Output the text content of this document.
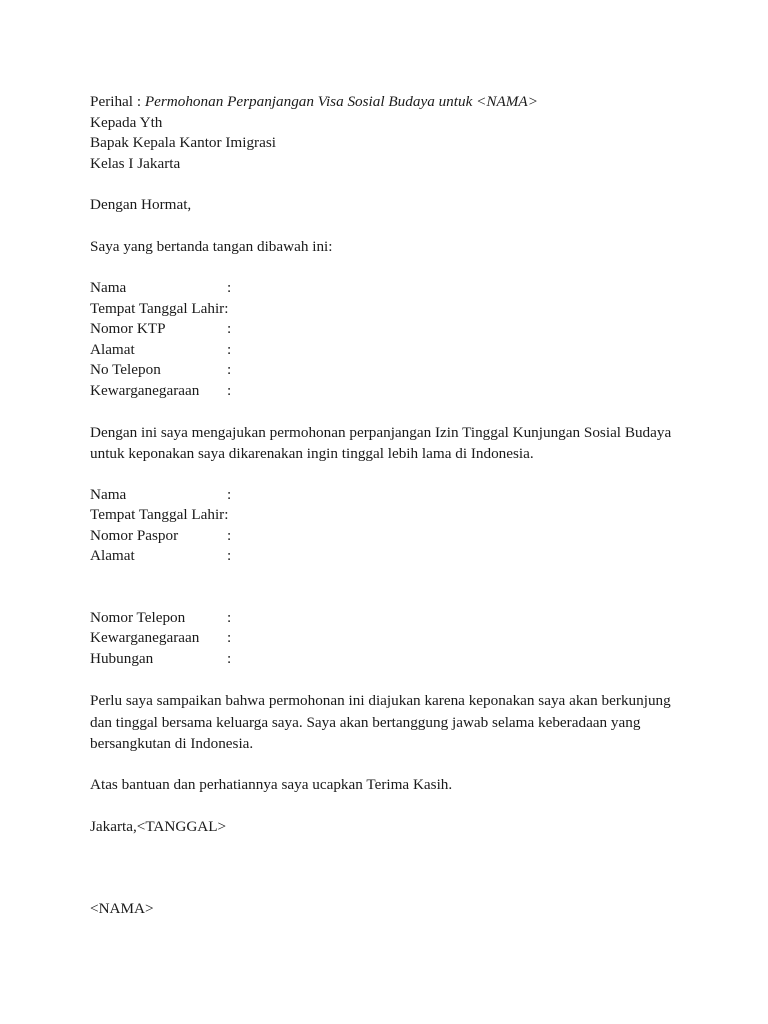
Perihal : Permohonan Perpanjangan Visa Sosial Budaya untuk <NAMA>
Kepada Yth
Bapak Kepala Kantor Imigrasi
Kelas I Jakarta
Dengan Hormat,
Saya yang bertanda tangan dibawah ini:
Nama	:
Tempat Tanggal Lahir :
Nomor KTP	:
Alamat	:
No Telepon	:
Kewarganegaraan	:
Dengan ini saya mengajukan permohonan perpanjangan Izin Tinggal Kunjungan Sosial Budaya
untuk keponakan saya dikarenakan ingin tinggal lebih lama di Indonesia.
Nama	:
Tempat Tanggal Lahir :
Nomor Paspor	:
Alamat	:
Nomor Telepon	:
Kewarganegaraan	:
Hubungan	:
Perlu saya sampaikan bahwa permohonan ini diajukan karena keponakan saya akan berkunjung
dan tinggal bersama keluarga saya. Saya akan bertanggung jawab selama keberadaan yang
bersangkutan di Indonesia.
Atas bantuan dan perhatiannya saya ucapkan Terima Kasih.
Jakarta,<TANGGAL>
<NAMA>
